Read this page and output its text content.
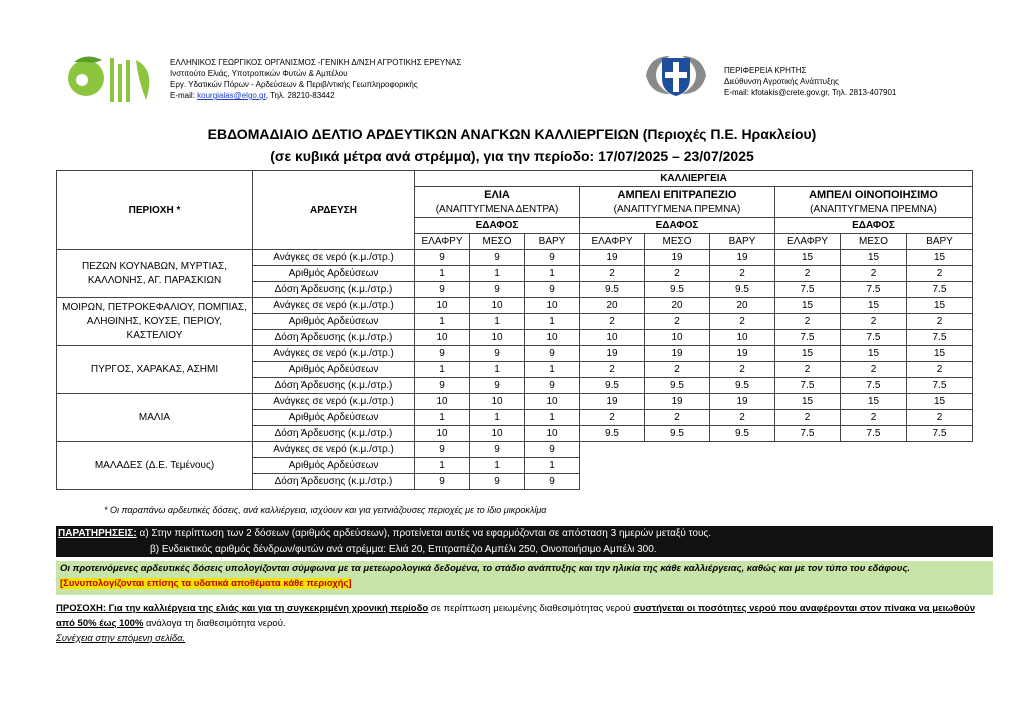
ΕΛΛΗΝΙΚΟΣ ΓΕΩΡΓΙΚΟΣ ΟΡΓΑΝΙΣΜΟΣ -ΓΕΝΙΚΗ Δ/ΝΣΗ ΑΓΡΟΤΙΚΗΣ ΕΡΕΥΝΑΣ
Ινστιτούτο Ελιάς, Υποτροπικών Φυτών & Αμπέλου
Εργ. Υδατικών Πόρων - Αρδεύσεων & Περιβ/ντικής Γεωπληροφορικής
E-mail: kourgialas@elgo.gr, Τηλ. 28210-83442
ΠΕΡΙΦΕΡΕΙΑ ΚΡΗΤΗΣ
Διεύθυνση Αγροτικής Ανάπτυξης
E-mail: kfotakis@crete.gov.gr, Τηλ. 2813-407901
ΕΒΔΟΜΑΔΙΑΙΟ ΔΕΛΤΙΟ ΑΡΔΕΥΤΙΚΩΝ ΑΝΑΓΚΩΝ ΚΑΛΛΙΕΡΓΕΙΩΝ (Περιοχές Π.Ε. Ηρακλείου)
(σε κυβικά μέτρα ανά στρέμμα), για την περίοδο: 17/07/2025 – 23/07/2025
ΠΕΡΙΟΧΗ *	ΑΡΔΕΥΣΗ	ΚΑΛΛΙΕΡΓΕΙΑ								
		ΕΛΙΑ			ΑΜΠΕΛΙ ΕΠΙΤΡΑΠΕΖΙΟ			ΑΜΠΕΛΙ ΟΙΝΟΠΟΙΗΣΙΜΟ		
		(ΑΝΑΠΤΥΓΜΕΝΑ ΔΕΝΤΡΑ)			(ΑΝΑΠΤΥΓΜΕΝΑ ΠΡΕΜΝΑ)			(ΑΝΑΠΤΥΓΜΕΝΑ ΠΡΕΜΝΑ)		
		ΕΔΑΦΟΣ			ΕΔΑΦΟΣ			ΕΔΑΦΟΣ		
		ΕΛΑΦΡΥ	ΜΕΣΟ	ΒΑΡΥ	ΕΛΑΦΡΥ	ΜΕΣΟ	ΒΑΡΥ	ΕΛΑΦΡΥ	ΜΕΣΟ	ΒΑΡΥ
ΠΕΖΩΝ ΚΟΥΝΑΒΩΝ, ΜΥΡΤΙΑΣ, ΚΑΛΛΟΝΗΣ, ΑΓ. ΠΑΡΑΣΚΙΩΝ	Ανάγκες σε νερό (κ.μ./στρ.)	9	9	9	19	19	19	15	15	15
	Αριθμός Αρδεύσεων	1	1	1	2	2	2	2	2	2
	Δόση Άρδευσης (κ.μ./στρ.)	9	9	9	9.5	9.5	9.5	7.5	7.5	7.5
ΜΟΙΡΩΝ, ΠΕΤΡΟΚΕΦΑΛΙΟΥ, ΠΟΜΠΙΑΣ, ΑΛΗΘΙΝΗΣ, ΚΟΥΣΕ, ΠΕΡΙΟΥ, ΚΑΣΤΕΛΙΟΥ	Ανάγκες σε νερό (κ.μ./στρ.)	10	10	10	20	20	20	15	15	15
	Αριθμός Αρδεύσεων	1	1	1	2	2	2	2	2	2
	Δόση Άρδευσης (κ.μ./στρ.)	10	10	10	10	10	10	7.5	7.5	7.5
ΠΥΡΓΟΣ, ΧΑΡΑΚΑΣ, ΑΣΗΜΙ	Ανάγκες σε νερό (κ.μ./στρ.)	9	9	9	19	19	19	15	15	15
	Αριθμός Αρδεύσεων	1	1	1	2	2	2	2	2	2
	Δόση Άρδευσης (κ.μ./στρ.)	9	9	9	9.5	9.5	9.5	7.5	7.5	7.5
ΜΑΛΙΑ	Ανάγκες σε νερό (κ.μ./στρ.)	10	10	10	19	19	19	15	15	15
	Αριθμός Αρδεύσεων	1	1	1	2	2	2	2	2	2
	Δόση Άρδευσης (κ.μ./στρ.)	10	10	10	9.5	9.5	9.5	7.5	7.5	7.5
ΜΑΛΑΔΕΣ (Δ.Ε. Τεμένους)	Ανάγκες σε νερό (κ.μ./στρ.)	9	9	9						
	Αριθμός Αρδεύσεων	1	1	1						
	Δόση Άρδευσης (κ.μ./στρ.)	9	9	9						
* Οι παραπάνω αρδευτικές δόσεις, ανά καλλιέργεια, ισχύουν και για γειτνιάζουσες περιοχές με το ίδιο μικροκλίμα
ΠΑΡΑΤΗΡΗΣΕΙΣ: α) Στην περίπτωση των 2 δόσεων (αριθμός αρδεύσεων), προτείνεται αυτές να εφαρμόζονται σε απόσταση 3 ημερών μεταξύ τους.
β) Ενδεικτικός αριθμός δένδρων/φυτών ανά στρέμμα: Ελιά 20, Επιτραπέζιο Αμπέλι 250, Οινοποιήσιμο Αμπέλι 300.
Οι προτεινόμενες αρδευτικές δόσεις υπολογίζονται σύμφωνα με τα μετεωρολογικά δεδομένα, το στάδιο ανάπτυξης και την ηλικία της κάθε καλλιέργειας, καθώς και με τον τύπο του εδάφους. [Συνυπολογίζονται επίσης τα υδατικά αποθέματα κάθε περιοχής]
ΠΡΟΣΟΧΗ: Για την καλλιέργεια της ελιάς και για τη συγκεκριμένη χρονική περίοδο σε περίπτωση μειωμένης διαθεσιμότητας νερού συστήνεται οι ποσότητες νερού που αναφέρονται στον πίνακα να μειωθούν από 50% έως 100% ανάλογα τη διαθεσιμότητα νερού.
Συνέχεια στην επόμενη σελίδα.
